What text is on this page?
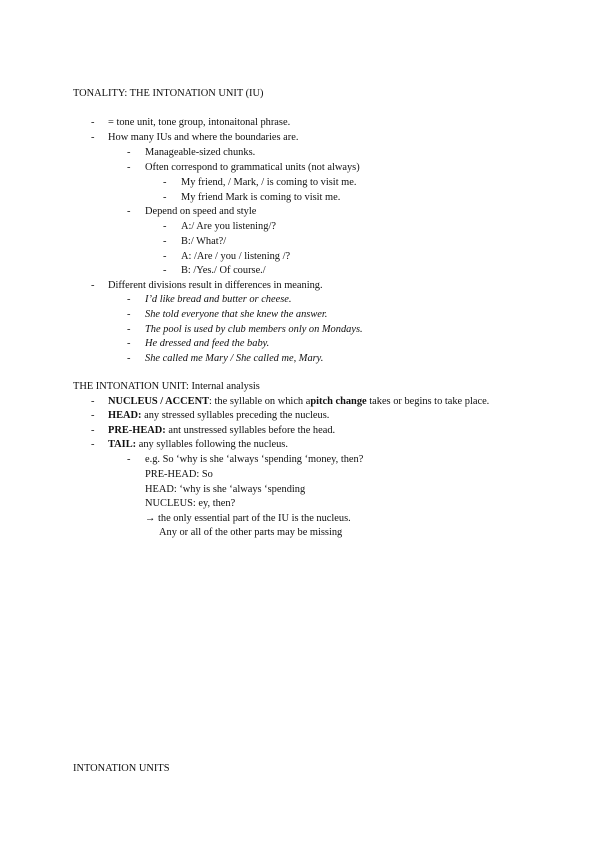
TONALITY: THE INTONATION UNIT (IU)
- = tone unit, tone group, intonaitonal phrase.
- How many IUs and where the boundaries are.
- Manageable-sized chunks.
- Often correspond to grammatical units (not always)
- My friend, / Mark, / is coming to visit me.
- My friend Mark is coming to visit me.
- Depend on speed and style
- A:/ Are you listening/?
- B:/ What?/
- A: /Are / you / listening /?
- B: /Yes./ Of course./
- Different divisions result in differences in meaning.
- I’d like bread and butter or cheese.
- She told everyone that she knew the answer.
- The pool is used by club members only on Mondays.
- He dressed and feed the baby.
- She called me Mary / She called me, Mary.
THE INTONATION UNIT: Internal analysis
- NUCLEUS / ACCENT: the syllable on which apitch change takes or begins to take place.
- HEAD: any stressed syllables preceding the nucleus.
- PRE-HEAD: ant unstressed syllables before the head.
- TAIL: any syllables following the nucleus.
- e.g. So ‘why is she ‘always ‘spending ‘money, then?
PRE-HEAD: So
HEAD: ‘why is she ‘always ‘spending
NUCLEUS: ey, then?
→ the only essential part of the IU is the nucleus.
Any or all of the other parts may be missing
INTONATION UNITS
